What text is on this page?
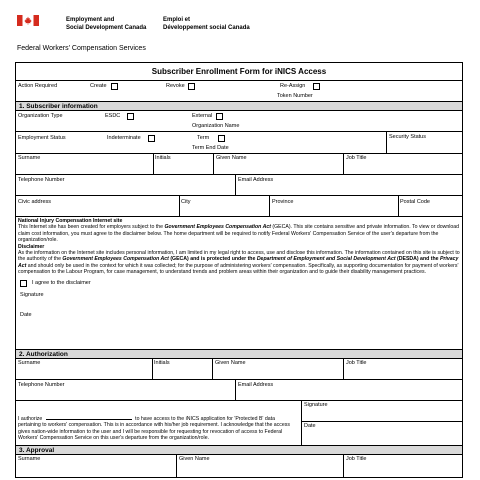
Employment and
Social Development Canada
Emploi et
Développement social Canada
Federal Workers' Compensation Services
Subscriber Enrollment Form for iNICS Access
Action Required	Create	Revoke	Re-Assign
Token Number
1. Subscriber information
Organization Type	ESDC	External
Organization Name
Employment Status	Indeterminate	Term
Term End Date
Security Status
Surname	Initials	Given Name	Job Title
Telephone Number	Email Address
Civic address	City	Province	Postal Code

National Injury Compensation Internet site

This Internet site has been created for employers subject to the Government Employees Compensation Act (GECA). This site contains sensitive and private information. To view or download claim cost information, you must agree to the disclaimer below. The home department will be required to notify Federal Workers' Compensation Service of the user's departure from the organization/role.

Disclaimer

As the information on the Internet site includes personal information, I am limited in my legal right to access, use and disclose this information. The information contained on this site is subject to the authority of the Government Employees Compensation Act (GECA) and is protected under the Department of Employment and Social Development Act (DESDA) and the Privacy Act and should only be used in the context for which it was collected; for the purpose of administering workers' compensation. Specifically, as supporting documentation for payment of workers' compensation to the Labour Program, for case management, to understand trends and problem areas within their organization and to guide their disability management practices.

I agree to the disclaimer
Signature
Date
2. Authorization
Surname	Initials	Given Name	Job Title
Telephone Number	Email Address
I authorize	to have access to the iNICS application for 'Protected B' data pertaining to workers' compensation. This is in accordance with his/her job requirement. I acknowledge that the access gives nation-wide information to the user and I will be responsible for requesting for revocation of access to Federal Workers' Compensation Service on this user's departure from the organization/role.
Signature
Date
3. Approval
Surname	Given Name	Job Title
